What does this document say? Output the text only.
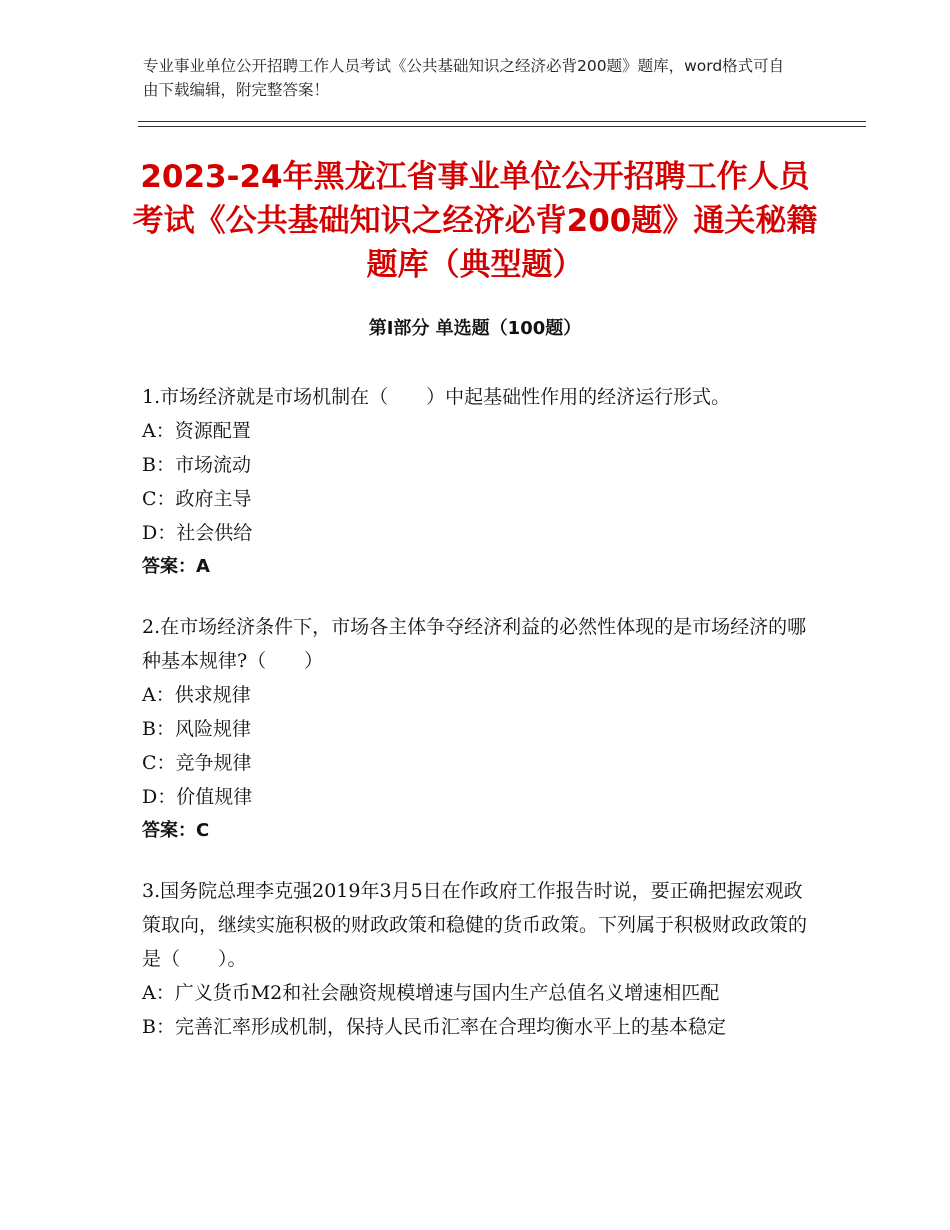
专业事业单位公开招聘工作人员考试《公共基础知识之经济必背200题》题库，word格式可自由下载编辑，附完整答案！
2023-24年黑龙江省事业单位公开招聘工作人员考试《公共基础知识之经济必背200题》通关秘籍题库（典型题）
第Ⅰ部分 单选题（100题）

1.市场经济就是市场机制在（　　）中起基础性作用的经济运行形式。

A：资源配置

B：市场流动

C：政府主导

D：社会供给

答案：A

2.在市场经济条件下，市场各主体争夺经济利益的必然性体现的是市场经济的哪种基本规律?（　　）

A：供求规律

B：风险规律

C：竞争规律

D：价值规律

答案：C

3.国务院总理李克强2019年3月5日在作政府工作报告时说，要正确把握宏观政策取向，继续实施积极的财政政策和稳健的货币政策。下列属于积极财政政策的是（　　）。

A：广义货币M2和社会融资规模增速与国内生产总值名义增速相匹配

B：完善汇率形成机制，保持人民币汇率在合理均衡水平上的基本稳定
